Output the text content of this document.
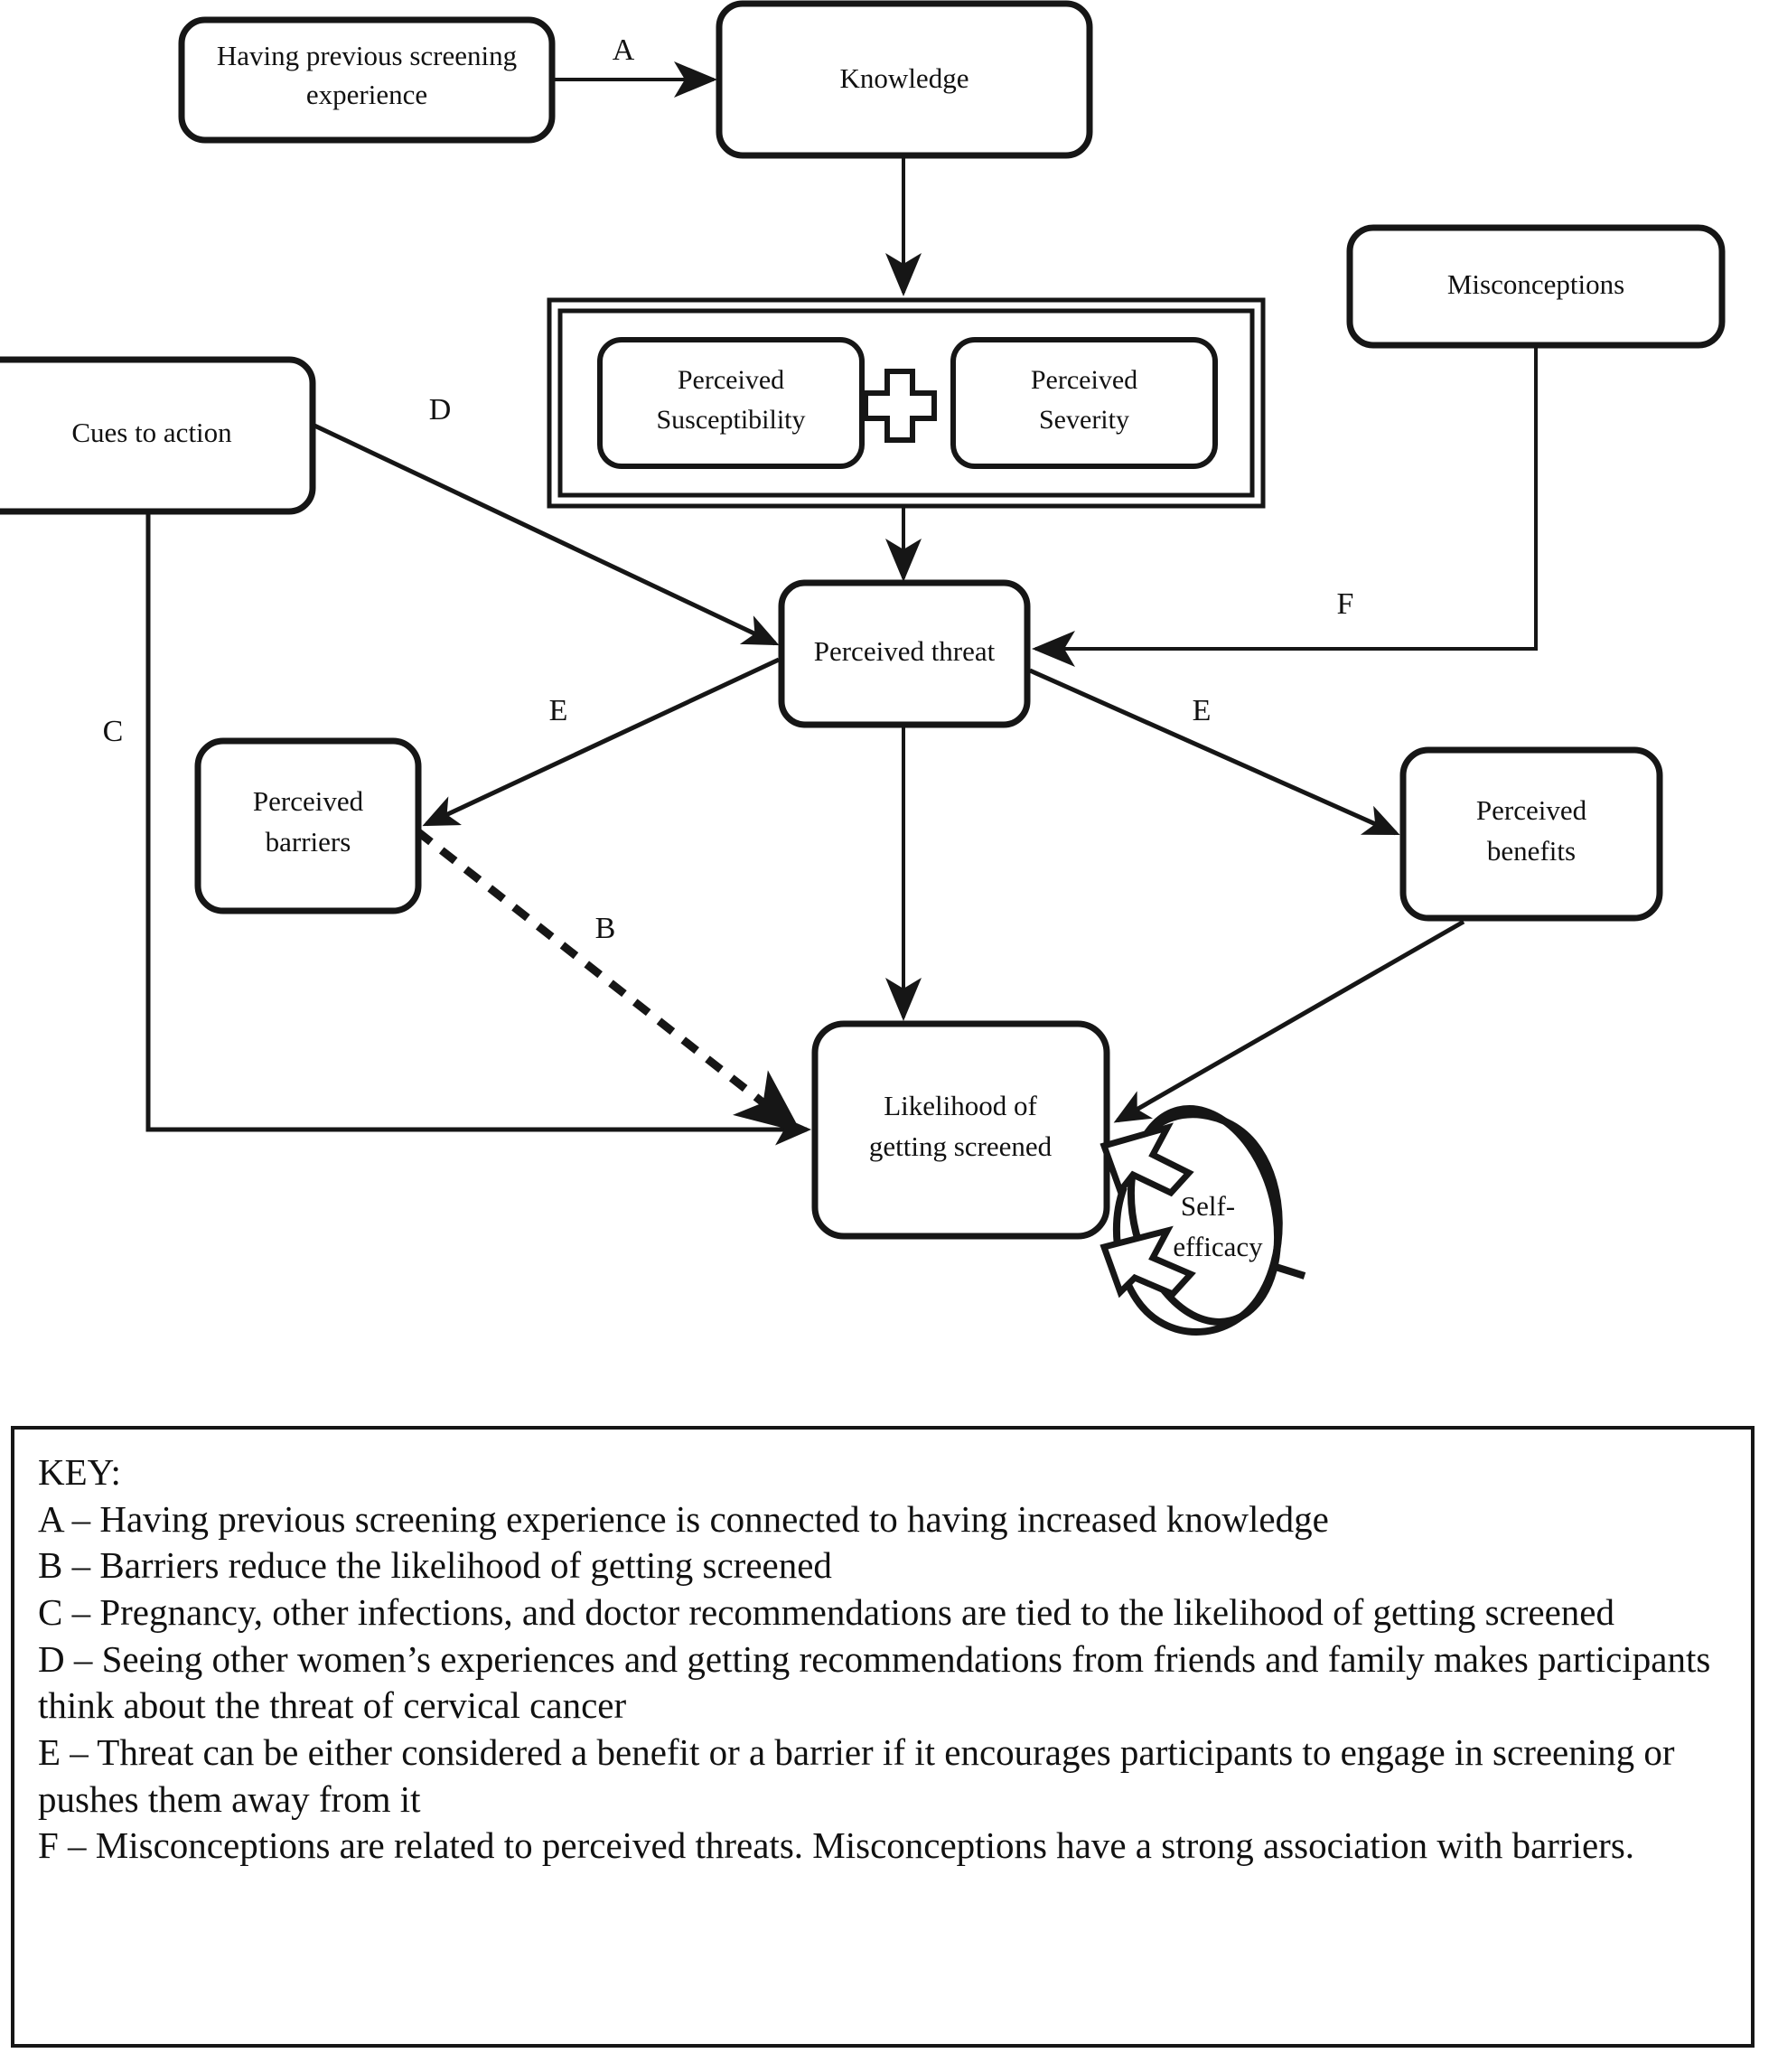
Having previous screening
experience
Knowledge
Misconceptions
Cues to action
Perceived
Susceptibility
Perceived
Severity
Perceived threat
Perceived
barriers
Perceived
benefits
Likelihood of
getting screened
Self-
efficacy
A
D
C
F
E	E
B
KEY:
A – Having previous screening experience is connected to having increased knowledge
B – Barriers reduce the likelihood of getting screened
C – Pregnancy, other infections, and doctor recommendations are tied to the likelihood of getting screened
D – Seeing other women’s experiences and getting recommendations from friends and family makes participants think about the threat of cervical cancer
E – Threat can be either considered a benefit or a barrier if it encourages participants to engage in screening or pushes them away from it
F – Misconceptions are related to perceived threats. Misconceptions have a strong association with barriers.
